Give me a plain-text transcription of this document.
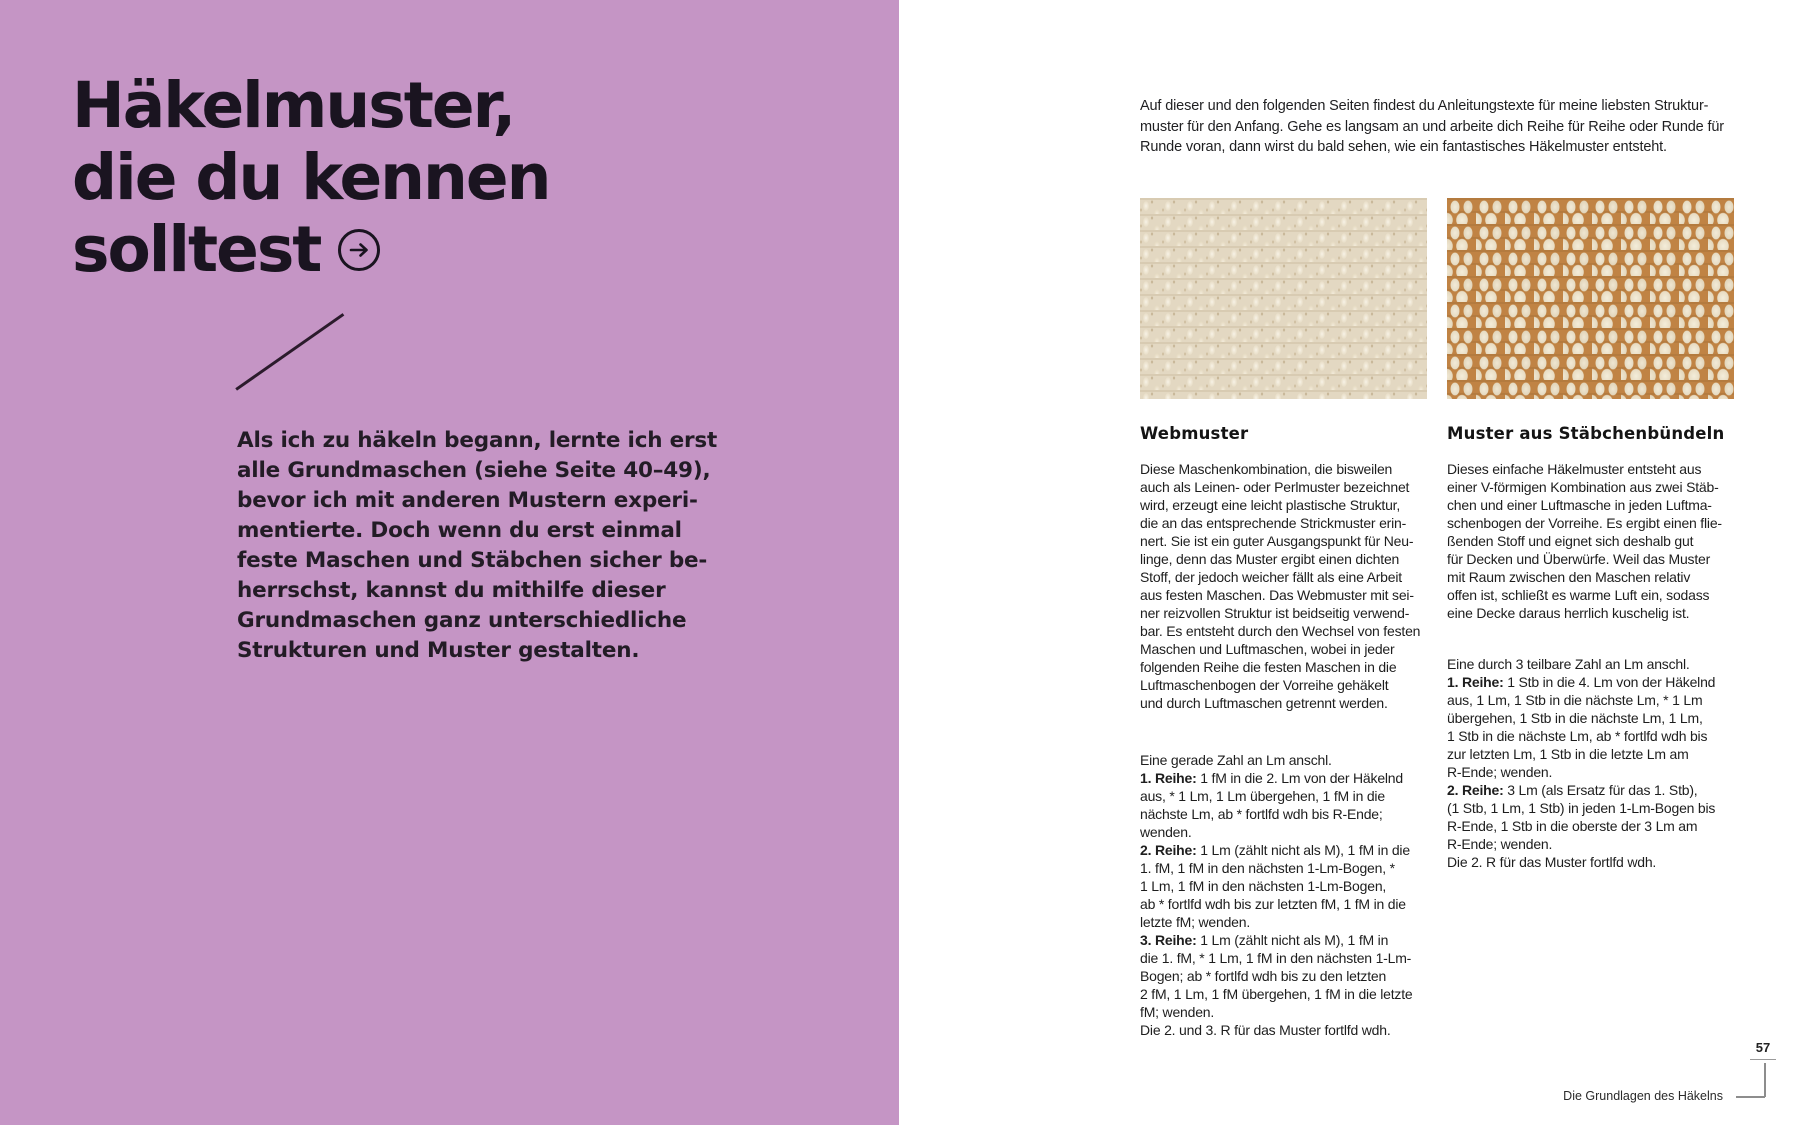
Häkelmuster,
die du kennen
solltest
Als ich zu häkeln begann, lernte ich erst
alle Grundmaschen (siehe Seite 40–49),
bevor ich mit anderen Mustern experi-
mentierte. Doch wenn du erst einmal
feste Maschen und Stäbchen sicher be-
herrschst, kannst du mithilfe dieser
Grundmaschen ganz unterschiedliche
Strukturen und Muster gestalten.
Auf dieser und den folgenden Seiten findest du Anleitungstexte für meine liebsten Struktur-
muster für den Anfang. Gehe es langsam an und arbeite dich Reihe für Reihe oder Runde für
Runde voran, dann wirst du bald sehen, wie ein fantastisches Häkelmuster entsteht.
Webmuster	Muster aus Stäbchenbündeln
Diese Maschenkombination, die bisweilen
auch als Leinen- oder Perlmuster bezeichnet
wird, erzeugt eine leicht plastische Struktur,
die an das entsprechende Strickmuster erin-
nert. Sie ist ein guter Ausgangspunkt für Neu-
linge, denn das Muster ergibt einen dichten
Stoff, der jedoch weicher fällt als eine Arbeit
aus festen Maschen. Das Webmuster mit sei-
ner reizvollen Struktur ist beidseitig verwend-
bar. Es entsteht durch den Wechsel von festen
Maschen und Luftmaschen, wobei in jeder
folgenden Reihe die festen Maschen in die
Luftmaschenbogen der Vorreihe gehäkelt
und durch Luftmaschen getrennt werden.
Dieses einfache Häkelmuster entsteht aus
einer V-förmigen Kombination aus zwei Stäb-
chen und einer Luftmasche in jeden Luftma-
schenbogen der Vorreihe. Es ergibt einen flie-
ßenden Stoff und eignet sich deshalb gut
für Decken und Überwürfe. Weil das Muster
mit Raum zwischen den Maschen relativ
offen ist, schließt es warme Luft ein, sodass
eine Decke daraus herrlich kuschelig ist.
Eine gerade Zahl an Lm anschl.
1. Reihe: 1 fM in die 2. Lm von der Häkelnd
aus, * 1 Lm, 1 Lm übergehen, 1 fM in die
nächste Lm, ab * fortlfd wdh bis R-Ende;
wenden.
2. Reihe: 1 Lm (zählt nicht als M), 1 fM in die
1. fM, 1 fM in den nächsten 1-Lm-Bogen, *
1 Lm, 1 fM in den nächsten 1-Lm-Bogen,
ab * fortlfd wdh bis zur letzten fM, 1 fM in die
letzte fM; wenden.
3. Reihe: 1 Lm (zählt nicht als M), 1 fM in
die 1. fM, * 1 Lm, 1 fM in den nächsten 1-Lm-
Bogen; ab * fortlfd wdh bis zu den letzten
2 fM, 1 Lm, 1 fM übergehen, 1 fM in die letzte
fM; wenden.
Die 2. und 3. R für das Muster fortlfd wdh.
Eine durch 3 teilbare Zahl an Lm anschl.
1. Reihe: 1 Stb in die 4. Lm von der Häkelnd
aus, 1 Lm, 1 Stb in die nächste Lm, * 1 Lm
übergehen, 1 Stb in die nächste Lm, 1 Lm,
1 Stb in die nächste Lm, ab * fortlfd wdh bis
zur letzten Lm, 1 Stb in die letzte Lm am
R-Ende; wenden.
2. Reihe: 3 Lm (als Ersatz für das 1. Stb),
(1 Stb, 1 Lm, 1 Stb) in jeden 1-Lm-Bogen bis
R-Ende, 1 Stb in die oberste der 3 Lm am
R-Ende; wenden.
Die 2. R für das Muster fortlfd wdh.
57
Die Grundlagen des Häkelns
